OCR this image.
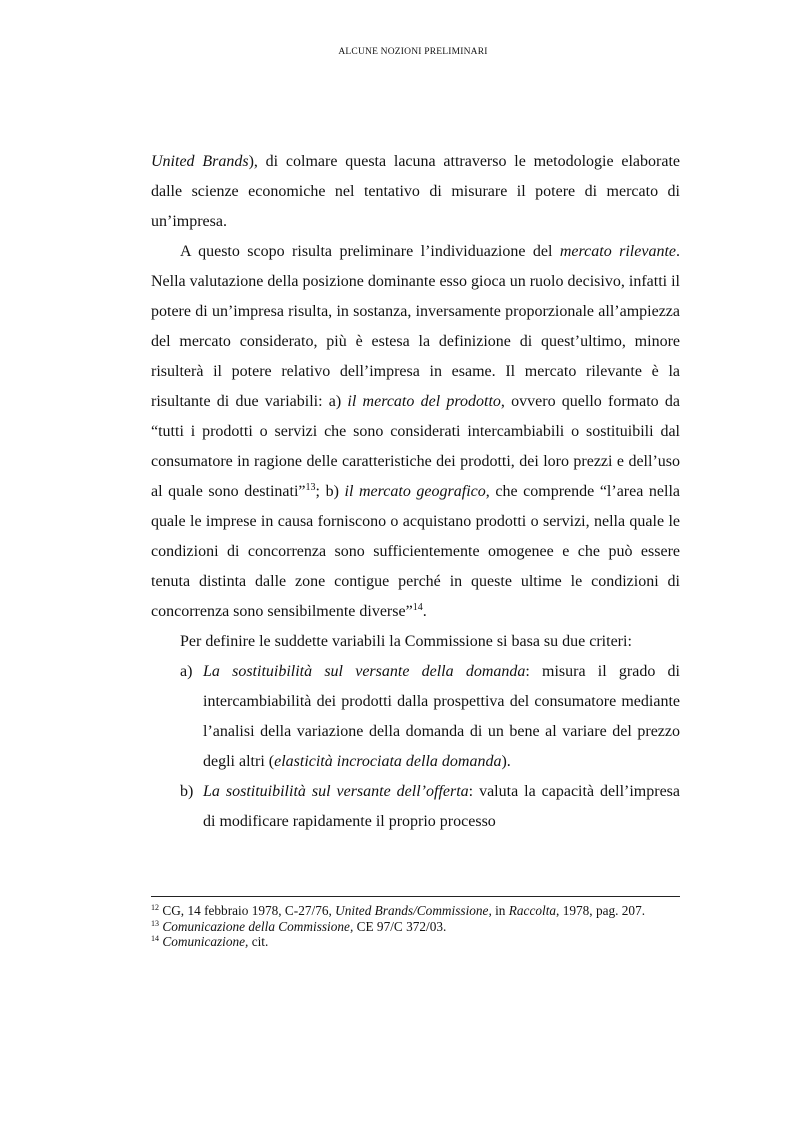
ALCUNE NOZIONI PRELIMINARI

United Brands), di colmare questa lacuna attraverso le metodologie elaborate dalle scienze economiche nel tentativo di misurare il potere di mercato di un’impresa.

A questo scopo risulta preliminare l’individuazione del mercato rilevante. Nella valutazione della posizione dominante esso gioca un ruolo decisivo, infatti il potere di un’impresa risulta, in sostanza, inversamente proporzionale all’ampiezza del mercato considerato, più è estesa la definizione di quest’ultimo, minore risulterà il potere relativo dell’impresa in esame. Il mercato rilevante è la risultante di due variabili: a) il mercato del prodotto, ovvero quello formato da “tutti i prodotti o servizi che sono considerati intercambiabili o sostituibili dal consumatore in ragione delle caratteristiche dei prodotti, dei loro prezzi e dell’uso al quale sono destinati”$^{13}$; b) il mercato geografico, che comprende “l’area nella quale le imprese in causa forniscono o acquistano prodotti o servizi, nella quale le condizioni di concorrenza sono sufficientemente omogenee e che può essere tenuta distinta dalle zone contigue perché in queste ultime le condizioni di concorrenza sono sensibilmente diverse”$^{14}$.

Per definire le suddette variabili la Commissione si basa su due criteri:

a) La sostituibilità sul versante della domanda: misura il grado di intercambiabilità dei prodotti dalla prospettiva del consumatore mediante l’analisi della variazione della domanda di un bene al variare del prezzo degli altri (elasticità incrociata della domanda).
b) La sostituibilità sul versante dell’offerta: valuta la capacità dell’impresa di modificare rapidamente il proprio processo

$^{12}$ CG, 14 febbraio 1978, C-27/76, United Brands/Commissione, in Raccolta, 1978, pag. 207.

$^{13}$ Comunicazione della Commissione, CE 97/C 372/03.

$^{14}$ Comunicazione, cit.
